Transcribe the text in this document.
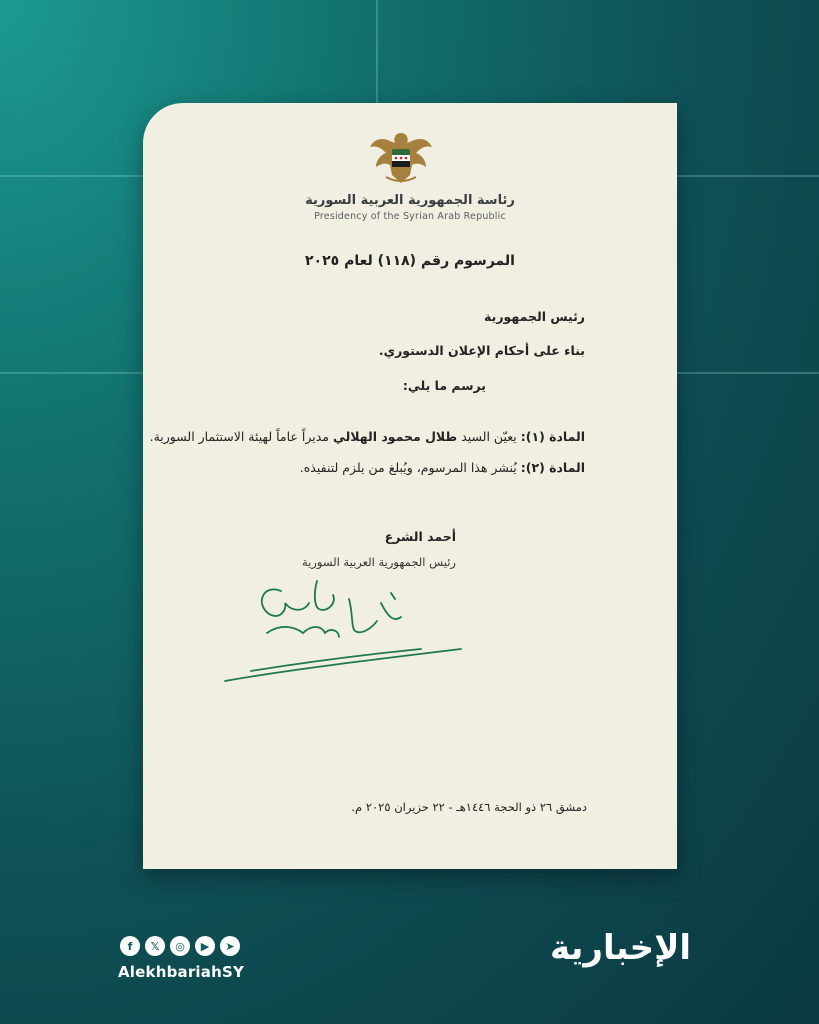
رئاسة الجمهورية العربية السورية
Presidency of the Syrian Arab Republic
المرسوم رقم (١١٨) لعام ٢٠٢٥
رئيس الجمهورية
بناء على أحكام الإعلان الدستوري.
يرسم ما يلي:
المادة (١): يعيّن السيد طلال محمود الهلالي مديراً عاماً لهيئة الاستثمار السورية.
المادة (٢): يُنشر هذا المرسوم، ويُبلغ من يلزم لتنفيذه.
أحمد الشرع
رئيس الجمهورية العربية السورية
دمشق ٢٦ ذو الحجة ١٤٤٦هـ - ٢٢ حزيران ٢٠٢٥ م.
f	𝕏	◎	▶	➤
AlekhbariahSY
الإخبارية
